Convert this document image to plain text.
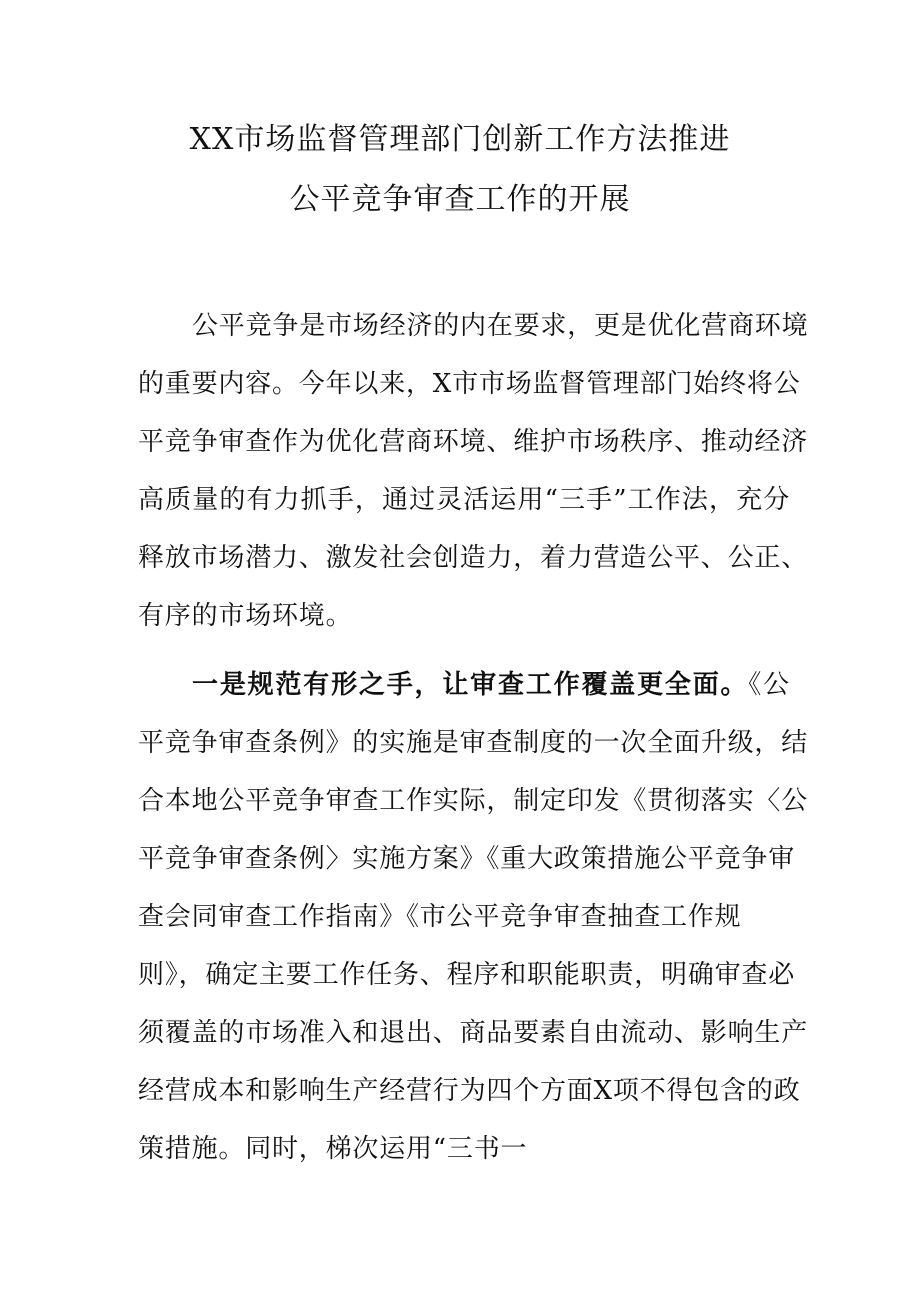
XX市场监督管理部门创新工作方法推进
公平竞争审查工作的开展
公平竞争是市场经济的内在要求，更是优化营商环境
的重要内容。今年以来，X市市场监督管理部门始终将公
平竞争审查作为优化营商环境、维护市场秩序、推动经济
高质量的有力抓手，通过灵活运用“三手”工作法，充分
释放市场潜力、激发社会创造力，着力营造公平、公正、
有序的市场环境。
一是规范有形之手，让审查工作覆盖更全面。《公
平竞争审查条例》的实施是审查制度的一次全面升级，结
合本地公平竞争审查工作实际，制定印发《贯彻落实〈公
平竞争审查条例〉实施方案》《重大政策措施公平竞争审
查会同审查工作指南》《市公平竞争审查抽查工作规
则》，确定主要工作任务、程序和职能职责，明确审查必
须覆盖的市场准入和退出、商品要素自由流动、影响生产
经营成本和影响生产经营行为四个方面X项不得包含的政
策措施。同时，梯次运用“三书一
